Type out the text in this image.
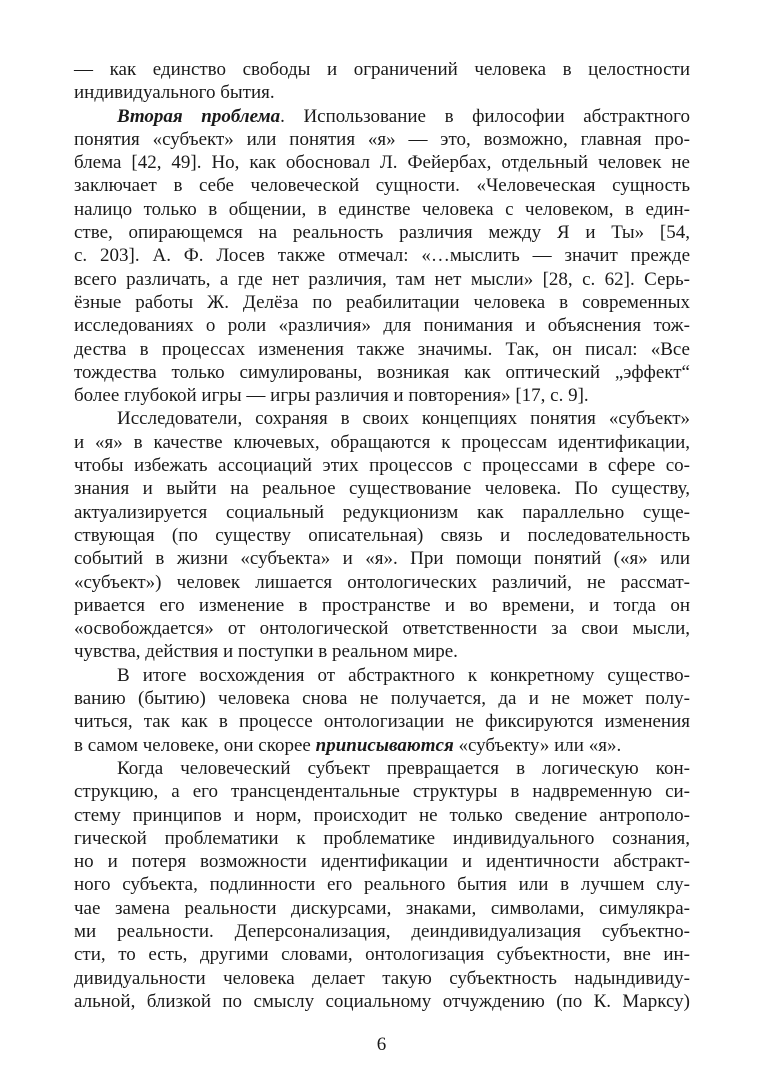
— как единство свободы и ограничений человека в целостности
индивидуального бытия.
Вторая проблема. Использование в философии абстрактного
понятия «субъект» или понятия «я» — это, возможно, главная про-
блема [42, 49]. Но, как обосновал Л. Фейербах, отдельный человек не
заключает в себе человеческой сущности. «Человеческая сущность
налицо только в общении, в единстве человека с человеком, в един-
стве, опирающемся на реальность различия между Я и Ты» [54,
с. 203]. А. Ф. Лосев также отмечал: «…мыслить — значит прежде
всего различать, а где нет различия, там нет мысли» [28, с. 62]. Серь-
ёзные работы Ж. Делёза по реабилитации человека в современных
исследованиях о роли «различия» для понимания и объяснения тож-
дества в процессах изменения также значимы. Так, он писал: «Все
тождества только симулированы, возникая как оптический „эффект“
более глубокой игры — игры различия и повторения» [17, с. 9].
Исследователи, сохраняя в своих концепциях понятия «субъект»
и «я» в качестве ключевых, обращаются к процессам идентификации,
чтобы избежать ассоциаций этих процессов с процессами в сфере со-
знания и выйти на реальное существование человека. По существу,
актуализируется социальный редукционизм как параллельно суще-
ствующая (по существу описательная) связь и последовательность
событий в жизни «субъекта» и «я». При помощи понятий («я» или
«субъект») человек лишается онтологических различий, не рассмат-
ривается его изменение в пространстве и во времени, и тогда он
«освобождается» от онтологической ответственности за свои мысли,
чувства, действия и поступки в реальном мире.
В итоге восхождения от абстрактного к конкретному существо-
ванию (бытию) человека снова не получается, да и не может полу-
читься, так как в процессе онтологизации не фиксируются изменения
в самом человеке, они скорее приписываются «субъекту» или «я».
Когда человеческий субъект превращается в логическую кон-
струкцию, а его трансцендентальные структуры в надвременную си-
стему принципов и норм, происходит не только сведение антрополо-
гической проблематики к проблематике индивидуального сознания,
но и потеря возможности идентификации и идентичности абстракт-
ного субъекта, подлинности его реального бытия или в лучшем слу-
чае замена реальности дискурсами, знаками, символами, симулякра-
ми реальности. Деперсонализация, деиндивидуализация субъектно-
сти, то есть, другими словами, онтологизация субъектности, вне ин-
дивидуальности человека делает такую субъектность надындивиду-
альной, близкой по смыслу социальному отчуждению (по К. Марксу)
6
